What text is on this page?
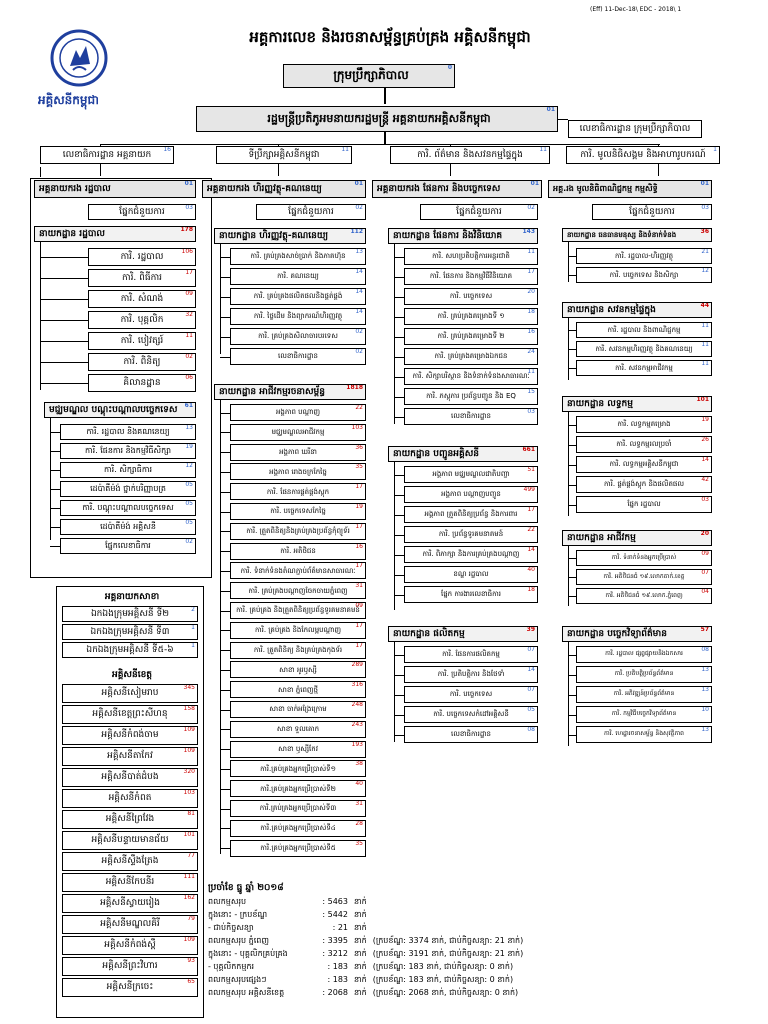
(Eff) 11-Dec-18\ EDC - 2018\ 1
អគ្គិសនីកម្ពុជា
អគ្គការលេខ និងរចនាសម្ព័ន្ធគ្រប់គ្រង អគ្គិសនីកម្ពុជា
ក្រុមប្រឹក្សាភិបាល
0
រដ្ឋមន្ត្រីប្រតិភូអមនាយករដ្ឋមន្ត្រី អគ្គនាយកអគ្គិសនីកម្ពុជា
01
លេខាធិការដ្ឋាន ក្រុមប្រឹក្សាភិបាល
លេខាធិការដ្ឋាន អគ្គនាយក
16
ទីប្រឹក្សាអគ្គិសនីកម្ពុជា
11
ការិ. ព័ត៌មាន និងសវនកម្មផ្ទៃក្នុង
11
ការិ. មូលនិធិសង្គម និងអាហារូបករណ៍
1
អគ្គនាយករង រដ្ឋបាល
01
ផ្នែកជំនួយការ	03
នាយកដ្ឋាន រដ្ឋបាល	178
ការិ. រដ្ឋបាល
106
ការិ. ពិធីការ
17
ការិ. សំណង់
09
ការិ. បុគ្គលិក
32
ការិ. បៀវត្សរ៍
11
ការិ. ពិនិត្យ
02
គិលានដ្ឋាន
06
មជ្ឈមណ្ឌល បណ្តុះបណ្តាលបច្ចេកទេស 61
ការិ. រដ្ឋបាល និងគណនេយ្យ	13
ការិ. ផែនការ និងកម្មវិធីសិក្សា 19
ការិ. សិក្សាធិការ	12
ដេប៉ាតឺម៉ង់ ថ្នាក់បរិញ្ញាបត្រ	05
ការិ. បណ្តុះបណ្តាលបច្ចេកទេស 05
ដេប៉ាតឺម៉ង់ អគ្គិសនី	05
ផ្នែកលេខាធិការ	02
អគ្គនាយកសាខា
ឯកឯងក្រុមអគ្គិសនី ទី២	2
ឯកឯងក្រុមអគ្គិសនី ទី៣	1
ឯកឯងក្រុមអគ្គិសនី ទី៥-៦	1
អគ្គិសនីខេត្ត
អគ្គិសនីសៀមរាប
345
អគ្គិសនីខេត្តព្រះសីហនុ
158
អគ្គិសនីកំពង់ចាម
109
អគ្គិសនីតាកែវ
109
អគ្គិសនីបាត់ដំបង
320
អគ្គិសនីកំពត
103
អគ្គិសនីព្រៃវែង
81
អគ្គិសនីបន្ទាយមានជ័យ
101
អគ្គិសនីស្ទឹងត្រែង
77
អគ្គិសនីកែបនីរ
111
អគ្គិសនីស្វាយរៀង
162
អគ្គិសនីមណ្ឌលគិរី
79
អគ្គិសនីកំពង់ស្ពឺ
109
អគ្គិសនីព្រះវិហារ
93
អគ្គិសនីក្រចេះ
65
អគ្គនាយករង ហិរញ្ញវត្ថុ-គណនេយ្យ
01
ផ្នែកជំនួយការ	02
នាយកដ្ឋាន ហិរញ្ញវត្ថុ-គណនេយ្យ	112
ការិ. គ្រប់គ្រងសាច់ប្រាក់ និងភាគហ៊ុន
13
ការិ. គណនេយ្យ
14
ការិ. គ្រប់គ្រងផលិតផលនិងផ្គត់ផ្គង់
14
ការិ. ថ្លៃដើម និងព្យាករណ៍ហិរញ្ញវត្ថុ
14
ការិ. គ្រប់គ្រងសិលាចារបរទេស
02
លេខាធិការដ្ឋាន
02
នាយកដ្ឋាន អាជីវកម្មរចនាសម្ព័ន្ធ	1818
អង្គភាព បណ្តាញ
22
មជ្ឈមណ្ឌលអាជីវកម្ម
103
អង្គភាព ឃរីនា
36
អង្គភាព រោងចក្រកែច្នៃ
35
ការិ. ផែនការផ្គត់ផ្គង់ស្តុក
17
ការិ. បច្ចេកទេសកែច្នៃ
19
ការិ. ត្រួតពិនិត្យនិងគ្រប់គ្រងប្រព័ន្ធកុំព្យូទ័រ
17
ការិ. អតិថិជន
16
ការិ. ទំនាក់ទំនងតំណភ្ជាប់ព័ត៌មានសាធារណៈ
17
ការិ. គ្រប់គ្រងបណ្តាញចែកចាយភ្នំពេញ
31
ការិ. គ្រប់គ្រង និងត្រួតពិនិត្យប្រព័ន្ធទូរគមនាគមន៍
09
ការិ. គ្រប់គ្រង និងកែលម្អបណ្តាញ
17
ការិ. ត្រួតពិនិត្យ និងគ្រប់គ្រងកុងទ័រ
17
សាខា អូរឫស្សី
289
សាខា ភ្នំពេញថ្មី
316
សាខា ចាក់អង្រែក្រោម
248
សាខា ទួលគោក
243
សាខា ឫស្សីកែវ
193
ការិ.គ្រប់គ្រងអ្នកប្រើប្រាស់ទី១
38
ការិ.គ្រប់គ្រងអ្នកប្រើប្រាស់ទី២
40
ការិ.គ្រប់គ្រងអ្នកប្រើប្រាស់ទី៣
31
ការិ.គ្រប់គ្រងអ្នកប្រើប្រាស់ទី៤
28
ការិ.គ្រប់គ្រងអ្នកប្រើប្រាស់ទី៥
35
អគ្គនាយករង ផែនការ និងបច្ចេកទេស
01
ផ្នែកជំនួយការ	02
នាយកដ្ឋាន ផែនការ និងវិនិយោគ	143
ការិ. សហប្រតិបត្តិការអន្តរជាតិ
11
ការិ. ផែនការ និងកម្មវិធីវិនិយោគ
17
ការិ. បច្ចេកទេស
20
ការិ. គ្រប់គ្រងគម្រោងទី ១
18
ការិ. គ្រប់គ្រងគម្រោងទី ២
16
ការិ. គ្រប់គ្រងគម្រោងឯកជន
24
ការិ. សិក្សាបរិស្ថាន និងទំនាក់ទំនងសាធារណៈ
11
ការិ. ភស្តុភារ ប្រព័ន្ធបញ្ជូន និង EQ
15
លេខាធិការដ្ឋាន
03
នាយកដ្ឋាន បញ្ជូនអគ្គិសនី	661
អង្គភាព មជ្ឈមណ្ឌលជាតិបញ្ជា
51
អង្គភាព បណ្តាញបញ្ជូន
499
អង្គភាព ត្រួតពិនិត្យប្រព័ន្ធ និងការពារ
17
ការិ. ប្រព័ន្ធទូរគមនាគមន៍
22
ការិ. ពិភាក្សា និងការគ្រប់គ្រងបណ្តាញ
14
ខណ្ឌ រដ្ឋបាល
40
ផ្នែក ការងារលេខាធិការ
18
នាយកដ្ឋាន ផលិតកម្ម	39
ការិ. ផែនការផលិតកម្ម
07
ការិ. ប្រតិបត្តិការ និងថែទាំ
14
ការិ. បច្ចេកទេស
07
ការិ. បច្ចេកទេសកំដៅអគ្គិសនី
05
លេខាធិការដ្ឋាន
08
អគ្គ.រង មូលនិធិពាណិជ្ជកម្ម កម្មសិទ្ធិ
01
ផ្នែកជំនួយការ	03
នាយកដ្ឋាន ធនធានមនុស្ស និងទំនាក់ទំនង	36
ការិ. រដ្ឋបាល-ហិរញ្ញវត្ថុ
21
ការិ. បច្ចេកទេស និងសិក្សា
12
នាយកដ្ឋាន សវនកម្មផ្ទៃក្នុង	44
ការិ. រដ្ឋបាល និងពាណិជ្ជកម្ម
11
ការិ. សវនកម្មហិរញ្ញវត្ថុ និងគណនេយ្យ
11
ការិ. សវនកម្មអាជីវកម្ម
11
នាយកដ្ឋាន លទ្ធកម្ម	101
ការិ. លទ្ធកម្មគម្រោង
19
ការិ. លទ្ធកម្មរលប្រចាំ
26
ការិ. លទ្ធកម្មអគ្គិសនីកម្ពុជា
14
ការិ. ផ្គត់ផ្គង់ស្តុក និងផលិតផល
42
ផ្នែក រដ្ឋបាល
03
នាយកដ្ឋាន អាជីវកម្ម	20
ការិ. ទំនាក់ទំនងអ្នកប្រើប្រាស់
09
ការិ. អតិថិជនធំ ១៩.លោកតាក់.ខេត្ត
07
ការិ. អតិថិជនធំ ១៩.លោក.ភ្នំពេញ
04
នាយកដ្ឋាន បច្ចេកវិទ្យាព័ត៌មាន	57
ការិ. រដ្ឋបាល ផ្សព្វផ្សាយនិងឯកសារ
08
ការិ. ប្រតិបត្តិប្រព័ន្ធព័ត៌មាន
13
ការិ. អភិវឌ្ឍន៍ប្រព័ន្ធព័ត៌មាន
13
ការិ. កម្មវិធីបច្ចេកវិទ្យាព័ត៌មាន
10
ការិ. ហេដ្ឋារចនាសម្ព័ន្ធ និងសុវត្ថិភាព
13
ប្រចាំខែ ធ្នូ ឆ្នាំ ២០១៨
ពលកម្មសរុប	: 5463 នាក់
ក្នុងនោះ - ក្របខ័ណ្ឌ	: 5442 នាក់
- ជាប់កិច្ចសន្យា	: 21 នាក់
ពលកម្មសរុប ភ្នំពេញ	: 3395 នាក់ (ក្របខ័ណ្ឌ: 3374 នាក់, ជាប់កិច្ចសន្យា: 21 នាក់)
ក្នុងនោះ - បុគ្គលិកគ្រប់គ្រង	: 3212 នាក់ (ក្របខ័ណ្ឌ: 3191 នាក់, ជាប់កិច្ចសន្យា: 21 នាក់)
- បុគ្គលិកកម្មករ	: 183 នាក់ (ក្របខ័ណ្ឌ: 183 នាក់, ជាប់កិច្ចសន្យា: 0 នាក់)
ពលកម្មសរុបផ្សេងៗ	: 183 នាក់ (ក្របខ័ណ្ឌ: 183 នាក់, ជាប់កិច្ចសន្យា: 0 នាក់)
ពលកម្មសរុប អគ្គិសនីខេត្ត	: 2068 នាក់ (ក្របខ័ណ្ឌ: 2068 នាក់, ជាប់កិច្ចសន្យា: 0 នាក់)
